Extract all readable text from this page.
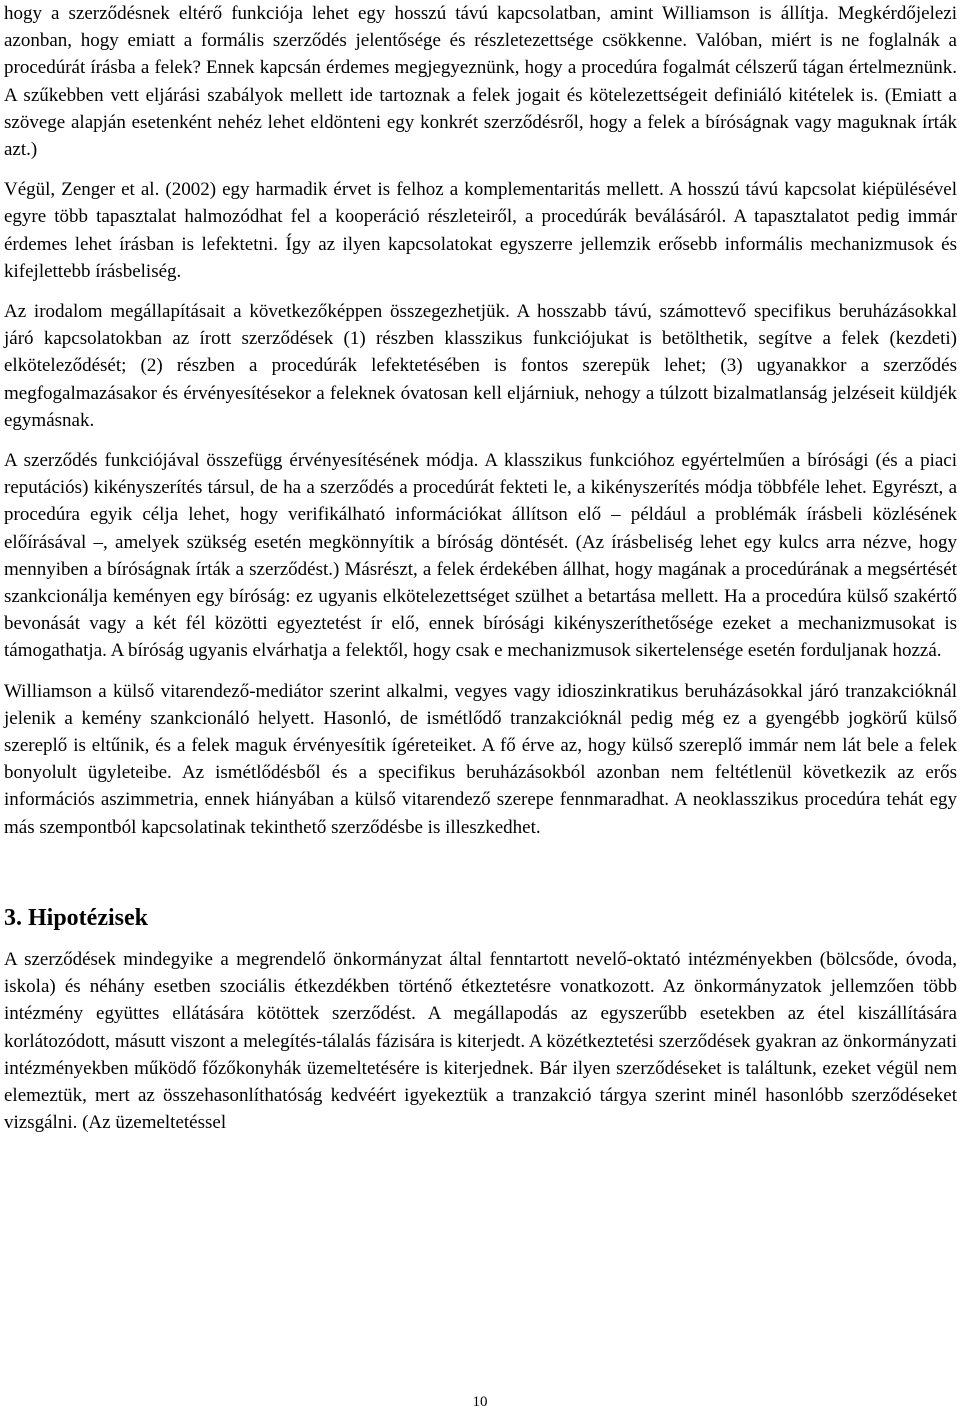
hogy a szerződésnek eltérő funkciója lehet egy hosszú távú kapcsolatban, amint Williamson is állítja. Megkérdőjelezi azonban, hogy emiatt a formális szerződés jelentősége és részletezettsége csökkenne. Valóban, miért is ne foglalnák a procedúrát írásba a felek? Ennek kapcsán érdemes megjegyeznünk, hogy a procedúra fogalmát célszerű tágan értelmeznünk. A szűkebben vett eljárási szabályok mellett ide tartoznak a felek jogait és kötelezettségeit definiáló kitételek is. (Emiatt a szövege alapján esetenként nehéz lehet eldönteni egy konkrét szerződésről, hogy a felek a bíróságnak vagy maguknak írták azt.)

Végül, Zenger et al. (2002) egy harmadik érvet is felhoz a komplementaritás mellett. A hosszú távú kapcsolat kiépülésével egyre több tapasztalat halmozódhat fel a kooperáció részleteiről, a procedúrák beválásáról. A tapasztalatot pedig immár érdemes lehet írásban is lefektetni. Így az ilyen kapcsolatokat egyszerre jellemzik erősebb informális mechanizmusok és kifejlettebb írásbeliség.

Az irodalom megállapításait a következőképpen összegezhetjük. A hosszabb távú, számottevő specifikus beruházásokkal járó kapcsolatokban az írott szerződések (1) részben klasszikus funkciójukat is betölthetik, segítve a felek (kezdeti) elköteleződését; (2) részben a procedúrák lefektetésében is fontos szerepük lehet; (3) ugyanakkor a szerződés megfogalmazásakor és érvényesítésekor a feleknek óvatosan kell eljárniuk, nehogy a túlzott bizalmatlanság jelzéseit küldjék egymásnak.

A szerződés funkciójával összefügg érvényesítésének módja. A klasszikus funkcióhoz egyértelműen a bírósági (és a piaci reputációs) kikényszerítés társul, de ha a szerződés a procedúrát fekteti le, a kikényszerítés módja többféle lehet. Egyrészt, a procedúra egyik célja lehet, hogy verifikálható információkat állítson elő – például a problémák írásbeli közlésének előírásával –, amelyek szükség esetén megkönnyítik a bíróság döntését. (Az írásbeliség lehet egy kulcs arra nézve, hogy mennyiben a bíróságnak írták a szerződést.) Másrészt, a felek érdekében állhat, hogy magának a procedúrának a megsértését szankcionálja keményen egy bíróság: ez ugyanis elkötelezettséget szülhet a betartása mellett. Ha a procedúra külső szakértő bevonását vagy a két fél közötti egyeztetést ír elő, ennek bírósági kikényszeríthetősége ezeket a mechanizmusokat is támogathatja. A bíróság ugyanis elvárhatja a felektől, hogy csak e mechanizmusok sikertelensége esetén forduljanak hozzá.

Williamson a külső vitarendező-mediátor szerint alkalmi, vegyes vagy idioszinkratikus beruházásokkal járó tranzakcióknál jelenik a kemény szankcionáló helyett. Hasonló, de ismétlődő tranzakcióknál pedig még ez a gyengébb jogkörű külső szereplő is eltűnik, és a felek maguk érvényesítik ígéreteiket. A fő érve az, hogy külső szereplő immár nem lát bele a felek bonyolult ügyleteibe. Az ismétlődésből és a specifikus beruházásokból azonban nem feltétlenül következik az erős információs aszimmetria, ennek hiányában a külső vitarendező szerepe fennmaradhat. A neoklasszikus procedúra tehát egy más szempontból kapcsolatinak tekinthető szerződésbe is illeszkedhet.

3. Hipotézisek

A szerződések mindegyike a megrendelő önkormányzat által fenntartott nevelő-oktató intézményekben (bölcsőde, óvoda, iskola) és néhány esetben szociális étkezdékben történő étkeztetésre vonatkozott. Az önkormányzatok jellemzően több intézmény együttes ellátására kötöttek szerződést. A megállapodás az egyszerűbb esetekben az étel kiszállítására korlátozódott, másutt viszont a melegítés-tálalás fázisára is kiterjedt. A közétkeztetési szerződések gyakran az önkormányzati intézményekben működő főzőkonyhák üzemeltetésére is kiterjednek. Bár ilyen szerződéseket is találtunk, ezeket végül nem elemeztük, mert az összehasonlíthatóság kedvéért igyekeztük a tranzakció tárgya szerint minél hasonlóbb szerződéseket vizsgálni. (Az üzemeltetéssel

10
